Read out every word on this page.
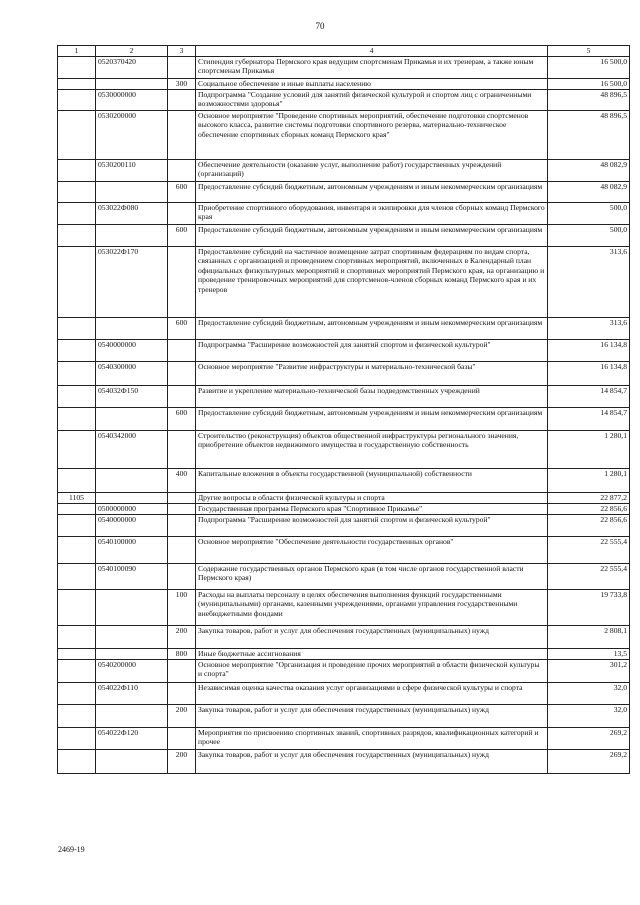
70
1	2	3	4	5
	0520370420		Стипендия губернатора Пермского края ведущим спортсменам Прикамья и их тренерам, а также юным спортсменам Прикамья	16 500,0
		300	Социальное обеспечение и иные выплаты населению	16 500,0
	0530000000		Подпрограмма "Создание условий для занятий физической культурой и спортом лиц с ограниченными возможностями здоровья"	48 896,5
	0530200000		Основное мероприятие "Проведение спортивных мероприятий, обеспечение подготовки спортсменов высокого класса, развитие системы подготовки спортивного резерва, материально-техническое обеспечение спортивных сборных команд Пермского края"	48 896,5
	0530200110		Обеспечение деятельности (оказание услуг, выполнение работ) государственных учреждений (организаций)	48 082,9
		600	Предоставление субсидий бюджетным, автономным учреждениям и иным некоммерческим организациям	48 082,9
	053022Ф080		Приобретение спортивного оборудования, инвентаря и экипировки для членов сборных команд Пермского края	500,0
		600	Предоставление субсидий бюджетным, автономным учреждениям и иным некоммерческим организациям	500,0
	053022Ф170		Предоставление субсидий на частичное возмещение затрат спортивным федерациям по видам спорта, связанных с организацией и проведением спортивных мероприятий, включенных в Календарный план официальных физкультурных мероприятий и спортивных мероприятий Пермского края, на организацию и проведение тренировочных мероприятий для спортсменов-членов сборных команд Пермского края и их тренеров	313,6
		600	Предоставление субсидий бюджетным, автономным учреждениям и иным некоммерческим организациям	313,6
	0540000000		Подпрограмма "Расширение возможностей для занятий спортом и физической культурой"	16 134,8
	0540300000		Основное мероприятие "Развитие инфраструктуры и материально-технической базы"	16 134,8
	054032Ф150		Развитие и укрепление материально-технической базы подведомственных учреждений	14 854,7
		600	Предоставление субсидий бюджетным, автономным учреждениям и иным некоммерческим организациям	14 854,7
	0540342000		Строительство (реконструкция) объектов общественной инфраструктуры регионального значения, приобретение объектов недвижимого имущества в государственную собственность	1 280,1
		400	Капитальные вложения в объекты государственной (муниципальной) собственности	1 280,1
1105			Другие вопросы в области физической культуры и спорта	22 877,2
	0500000000		Государственная программа Пермского края "Спортивное Прикамье"	22 856,6
	0540000000		Подпрограмма "Расширение возможностей для занятий спортом и физической культурой"	22 856,6
	0540100000		Основное мероприятие "Обеспечение деятельности государственных органов"	22 555,4
	0540100090		Содержание государственных органов Пермского края (в том числе органов государственной власти Пермского края)	22 555,4
		100	Расходы на выплаты персоналу в целях обеспечения выполнения функций государственными (муниципальными) органами, казенными учреждениями, органами управления государственными внебюджетными фондами	19 733,8
		200	Закупка товаров, работ и услуг для обеспечения государственных (муниципальных) нужд	2 808,1
		800	Иные бюджетные ассигнования	13,5
	0540200000		Основное мероприятие "Организация и проведение прочих мероприятий в области физической культуры и спорта"	301,2
	054022Ф110		Независимая оценка качества оказания услуг организациями в сфере физической культуры и спорта	32,0
		200	Закупка товаров, работ и услуг для обеспечения государственных (муниципальных) нужд	32,0
	054022Ф120		Мероприятия по присвоению спортивных званий, спортивных разрядов, квалификационных категорий и прочее	269,2
		200	Закупка товаров, работ и услуг для обеспечения государственных (муниципальных) нужд	269,2
2469-19
